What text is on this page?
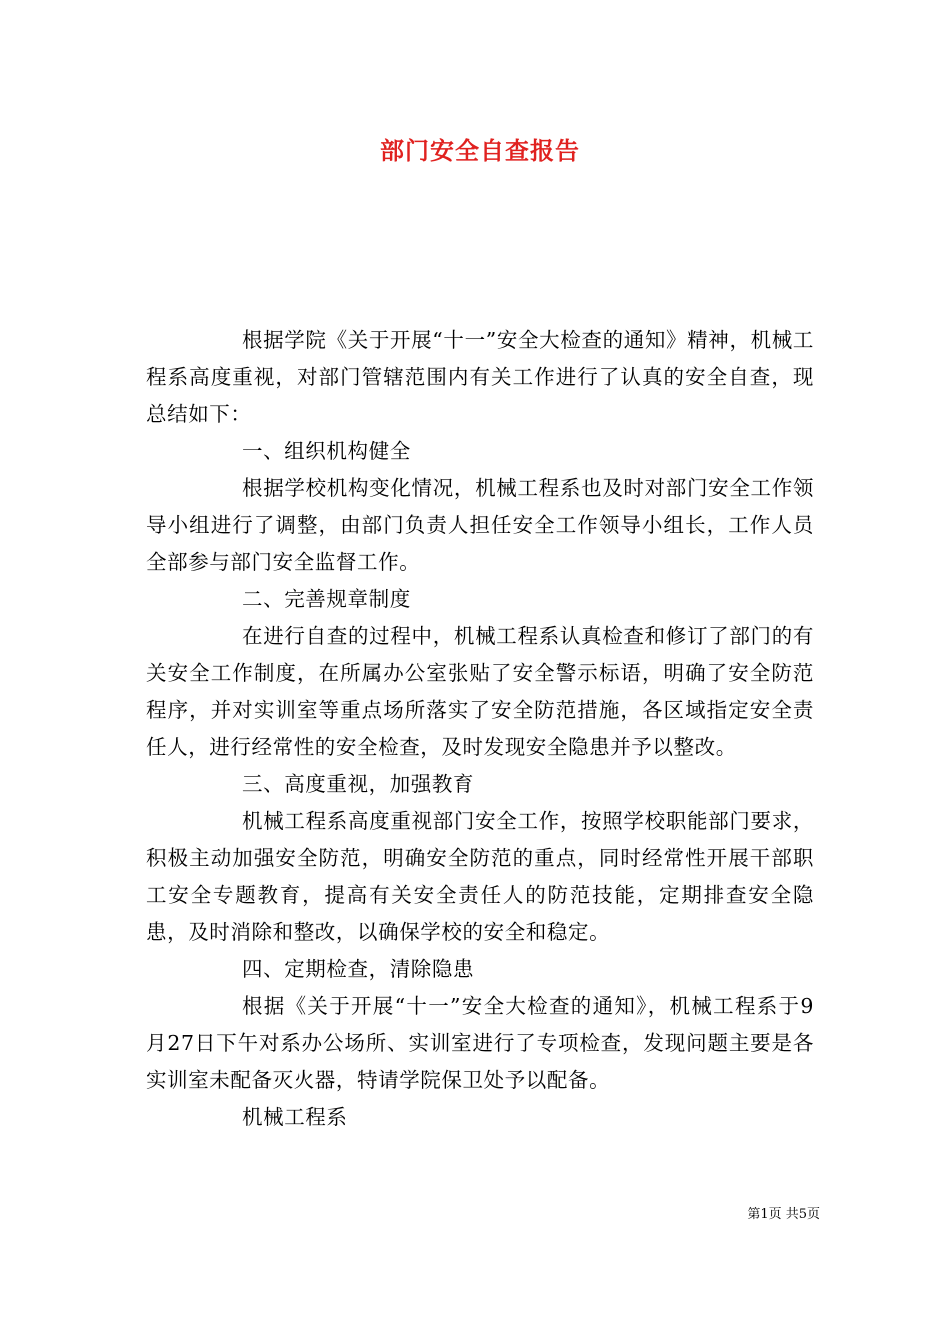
部门安全自查报告

根据学院《关于开展“十一”安全大检查的通知》精神，机械工程系高度重视，对部门管辖范围内有关工作进行了认真的安全自查，现总结如下：

一、组织机构健全

根据学校机构变化情况，机械工程系也及时对部门安全工作领导小组进行了调整，由部门负责人担任安全工作领导小组长，工作人员全部参与部门安全监督工作。

二、完善规章制度

在进行自查的过程中，机械工程系认真检查和修订了部门的有关安全工作制度，在所属办公室张贴了安全警示标语，明确了安全防范程序，并对实训室等重点场所落实了安全防范措施，各区域指定安全责任人，进行经常性的安全检查，及时发现安全隐患并予以整改。

三、高度重视，加强教育

机械工程系高度重视部门安全工作，按照学校职能部门要求，积极主动加强安全防范，明确安全防范的重点，同时经常性开展干部职工安全专题教育，提高有关安全责任人的防范技能，定期排查安全隐患，及时消除和整改，以确保学校的安全和稳定。

四、定期检查，清除隐患

根据《关于开展“十一”安全大检查的通知》，机械工程系于9月27日下午对系办公场所、实训室进行了专项检查，发现问题主要是各实训室未配备灭火器，特请学院保卫处予以配备。

机械工程系

第1页 共5页
